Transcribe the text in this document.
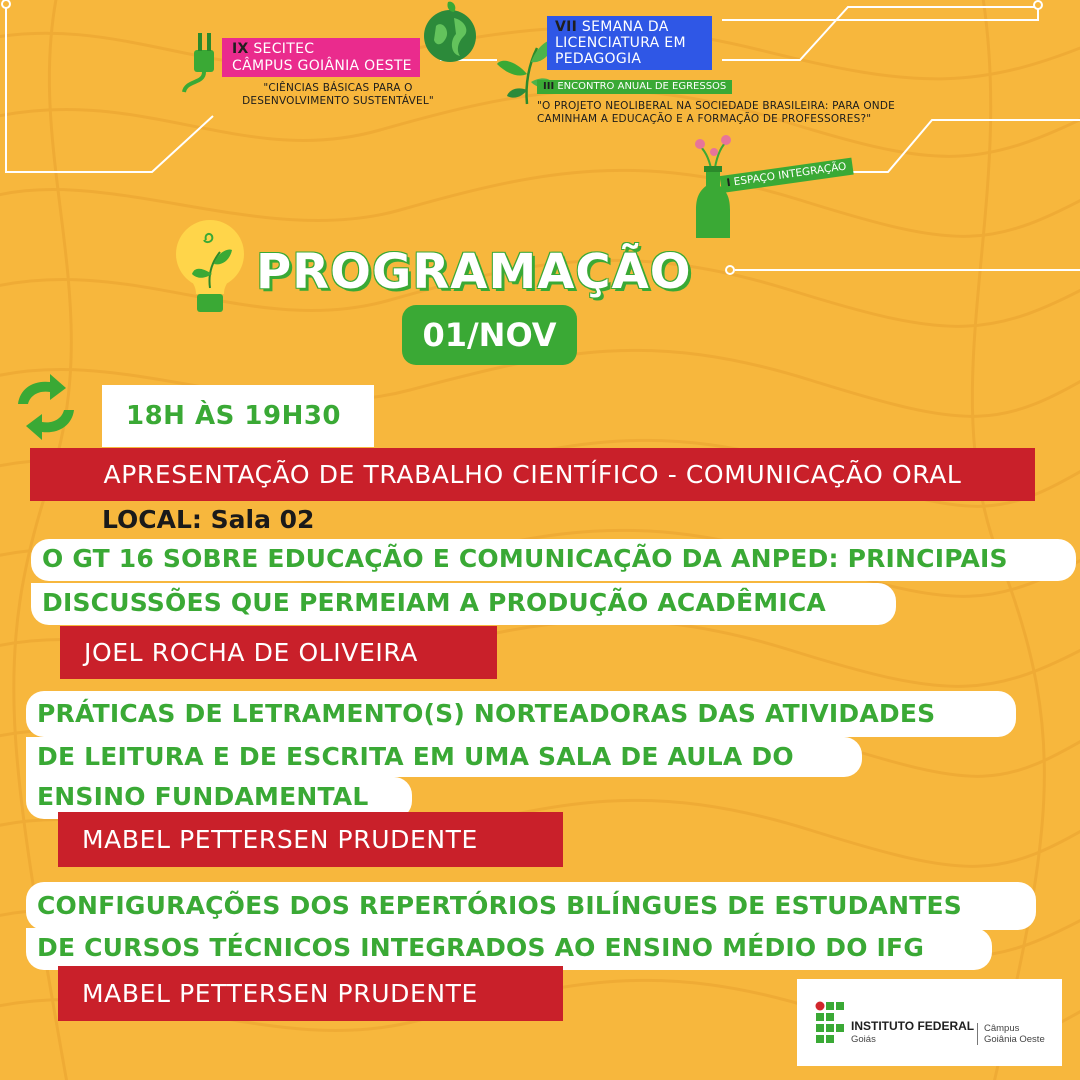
IX SECITEC
CÂMPUS GOIÂNIA OESTE
"CIÊNCIAS BÁSICAS PARA O
DESENVOLVIMENTO SUSTENTÁVEL"
VII SEMANA DA
LICENCIATURA EM
PEDAGOGIA
III ENCONTRO ANUAL DE EGRESSOS
"O PROJETO NEOLIBERAL NA SOCIEDADE BRASILEIRA: PARA ONDE
CAMINHAM A EDUCAÇÃO E A FORMAÇÃO DE PROFESSORES?"
I ESPAÇO INTEGRAÇÃO
PROGRAMAÇÃO
01/NOV
18H ÀS 19H30
APRESENTAÇÃO DE TRABALHO CIENTÍFICO - COMUNICAÇÃO ORAL
LOCAL: Sala 02
O GT 16 SOBRE EDUCAÇÃO E COMUNICAÇÃO DA ANPED: PRINCIPAIS
DISCUSSÕES QUE PERMEIAM A PRODUÇÃO ACADÊMICA
JOEL ROCHA DE OLIVEIRA
PRÁTICAS DE LETRAMENTO(S) NORTEADORAS DAS ATIVIDADES
DE LEITURA E DE ESCRITA EM UMA SALA DE AULA DO
ENSINO FUNDAMENTAL
MABEL PETTERSEN PRUDENTE
CONFIGURAÇÕES DOS REPERTÓRIOS BILÍNGUES DE ESTUDANTES
DE CURSOS TÉCNICOS INTEGRADOS AO ENSINO MÉDIO DO IFG
MABEL PETTERSEN PRUDENTE
INSTITUTO FEDERAL
Goiás
Câmpus
Goiânia Oeste
